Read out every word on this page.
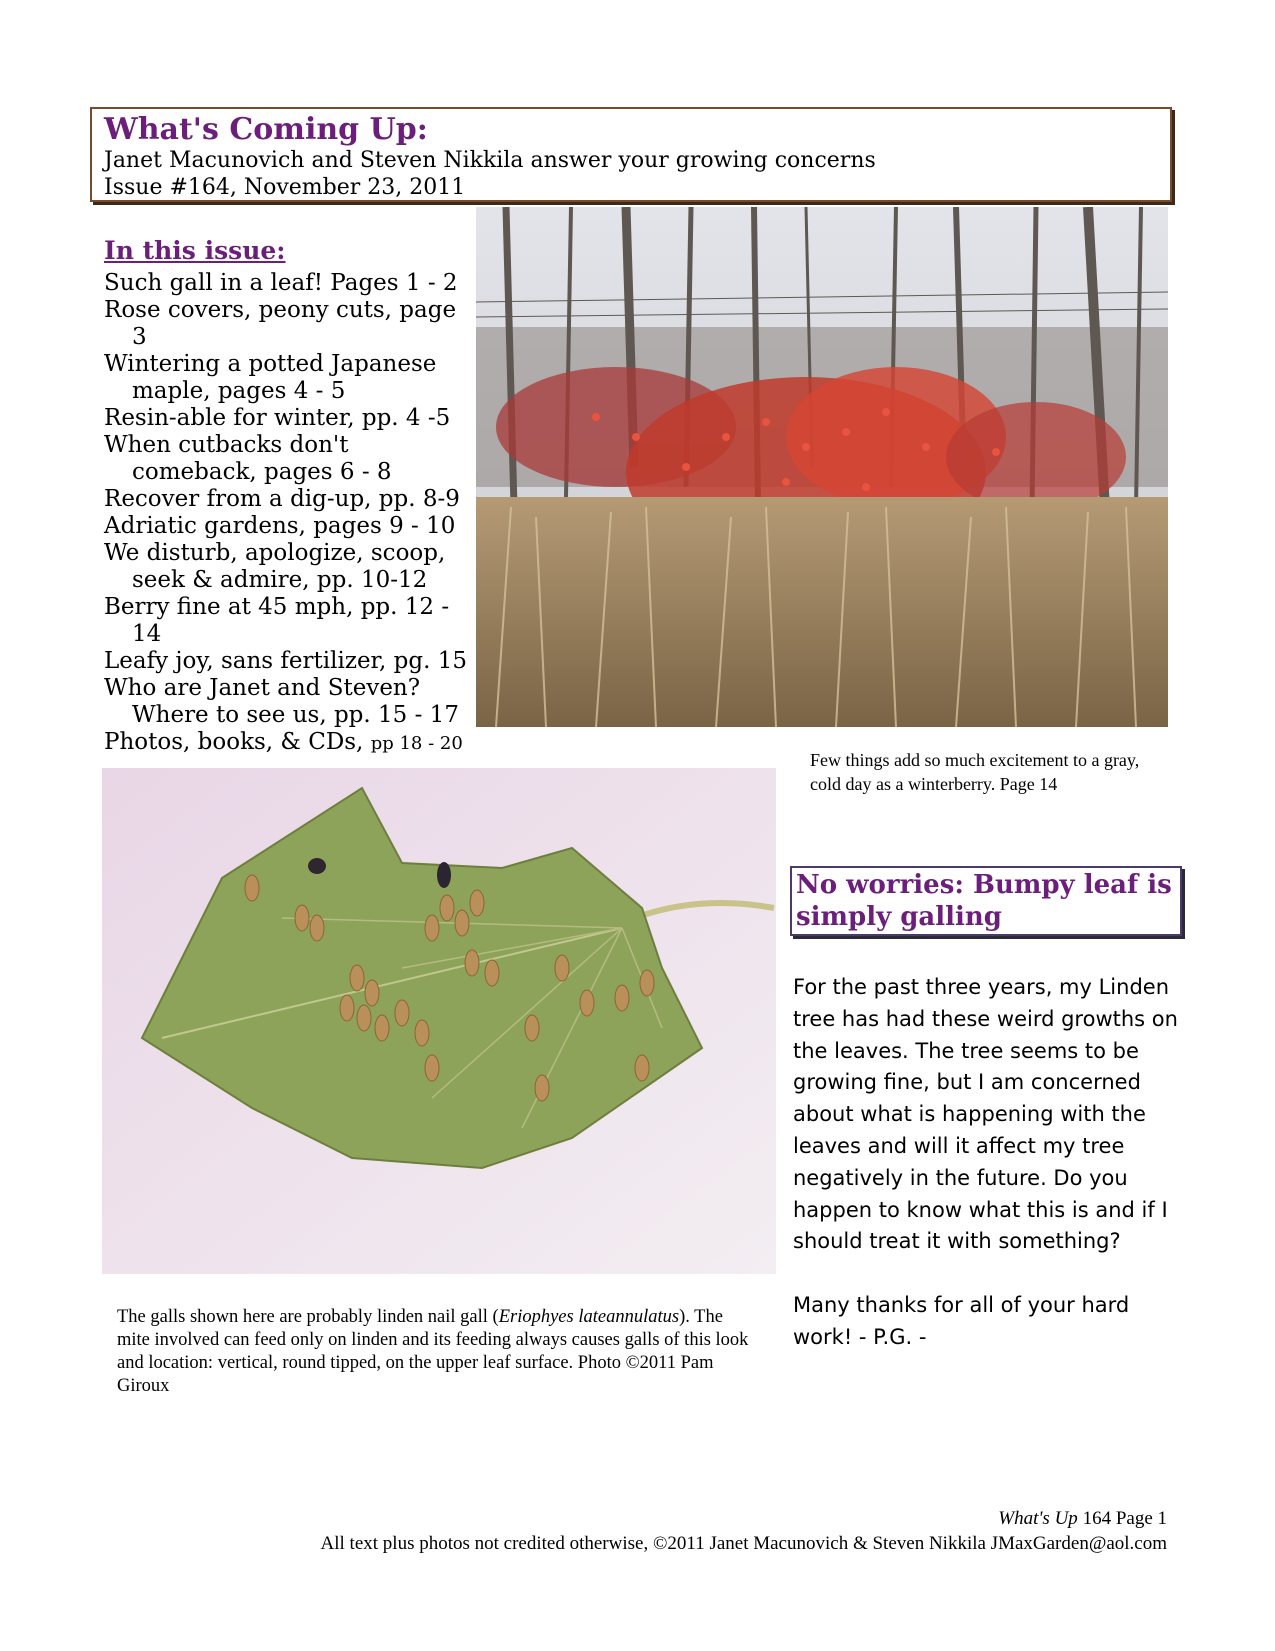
What's Coming Up:
Janet Macunovich and Steven Nikkila answer your growing concerns
Issue #164, November 23, 2011
In this issue:
Such gall in a leaf! Pages 1 - 2
Rose covers, peony cuts, page 3
Wintering a potted Japanese maple, pages 4 - 5
Resin-able for winter, pp. 4 -5
When cutbacks don't comeback, pages 6 - 8
Recover from a dig-up, pp. 8-9
Adriatic gardens, pages 9 - 10
We disturb, apologize, scoop, seek & admire, pp. 10-12
Berry fine at 45 mph, pp. 12 - 14
Leafy joy, sans fertilizer, pg. 15
Who are Janet and Steven? Where to see us, pp. 15 - 17
Photos, books, & CDs, pp 18 - 20
Few things add so much excitement to a gray, cold day as a winterberry. Page 14
The galls shown here are probably linden nail gall (Eriophyes lateannulatus). The mite involved can feed only on linden and its feeding always causes galls of this look and location: vertical, round tipped, on the upper leaf surface. Photo ©2011 Pam Giroux
No worries: Bumpy leaf is simply galling

For the past three years, my Linden tree has had these weird growths on the leaves. The tree seems to be growing fine, but I am concerned about what is happening with the leaves and will it affect my tree negatively in the future. Do you happen to know what this is and if I should treat it with something?

Many thanks for all of your hard work! - P.G. -

What's Up 164 Page 1
All text plus photos not credited otherwise, ©2011 Janet Macunovich & Steven Nikkila JMaxGarden@aol.com
